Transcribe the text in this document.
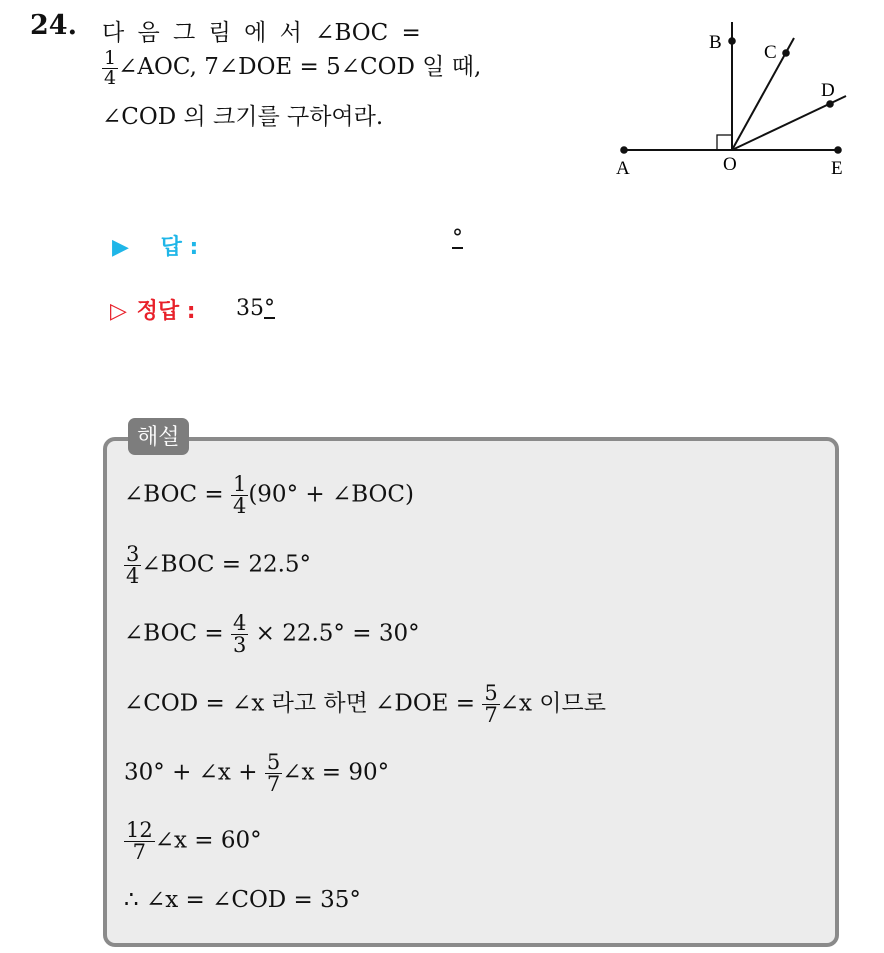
24. 다 음 그 림 에 서 ∠BOC =
$\frac{1}{4}$ ∠AOC, 7∠DOE = 5∠COD 일 때,
∠COD 의 크기를 구하여라.
A	O	E
B C
D
▶ 답 :	°
▷ 정답 : 35°
해설
∠BOC = $\frac{1}{4} (90^\circ$ + ∠BOC)
$\frac{3}{4}$ ∠BOC = 22.5°
∠BOC = $\frac{4}{3} \times 22.5^\circ = 30^\circ$
∠COD = ∠x 라고 하면 ∠DOE = $\frac{5}{7}$ ∠x 이므로
30° + ∠x + $\frac{5}{7}$ ∠x = 90°
$\frac{12}{7}$ ∠x = 60°
∴ ∠x = ∠COD = 35°
